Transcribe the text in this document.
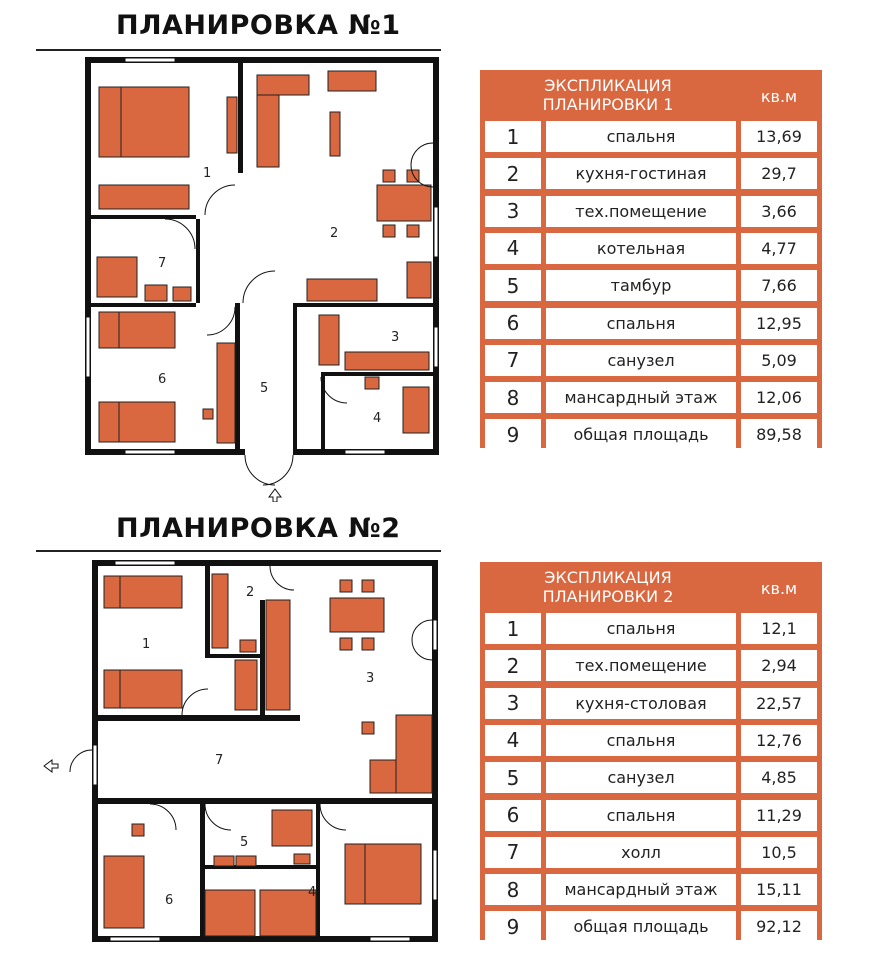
ПЛАНИРОВКА №1
1
2
7
6
5
3
4
ЭКСПЛИКАЦИЯ
ПЛАНИРОВКИ 1	кв.м
1	спальня	13,69
2	кухня-гостиная	29,7
3	тех.помещение	3,66
4	котельная	4,77
5	тамбур	7,66
6	спальня	12,95
7	санузел	5,09
8	мансардный этаж	12,06
9	общая площадь	89,58
ПЛАНИРОВКА №2
1
2
3
7
5
6
4
ЭКСПЛИКАЦИЯ
ПЛАНИРОВКИ 2	кв.м
1	спальня	12,1
2	тех.помещение	2,94
3	кухня-столовая	22,57
4	спальня	12,76
5	санузел	4,85
6	спальня	11,29
7	холл	10,5
8	мансардный этаж	15,11
9	общая площадь	92,12
